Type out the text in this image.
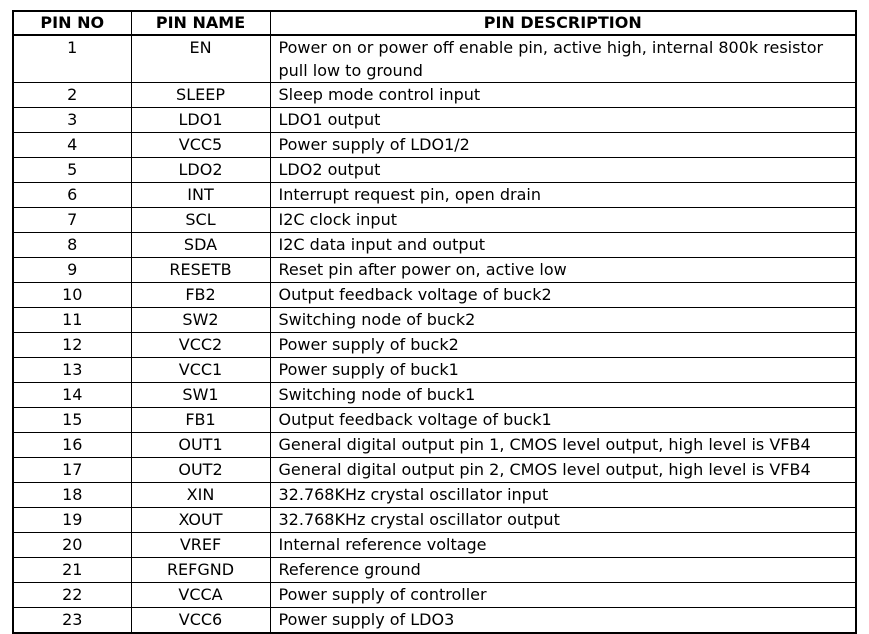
PIN NO	PIN NAME	PIN DESCRIPTION
1	EN	Power on or power off enable pin, active high, internal 800k resistor pull low to ground
2	SLEEP	Sleep mode control input
3	LDO1	LDO1 output
4	VCC5	Power supply of LDO1/2
5	LDO2	LDO2 output
6	INT	Interrupt request pin, open drain
7	SCL	I2C clock input
8	SDA	I2C data input and output
9	RESETB	Reset pin after power on, active low
10	FB2	Output feedback voltage of buck2
11	SW2	Switching node of buck2
12	VCC2	Power supply of buck2
13	VCC1	Power supply of buck1
14	SW1	Switching node of buck1
15	FB1	Output feedback voltage of buck1
16	OUT1	General digital output pin 1, CMOS level output, high level is VFB4
17	OUT2	General digital output pin 2, CMOS level output, high level is VFB4
18	XIN	32.768KHz crystal oscillator input
19	XOUT	32.768KHz crystal oscillator output
20	VREF	Internal reference voltage
21	REFGND	Reference ground
22	VCCA	Power supply of controller
23	VCC6	Power supply of LDO3
